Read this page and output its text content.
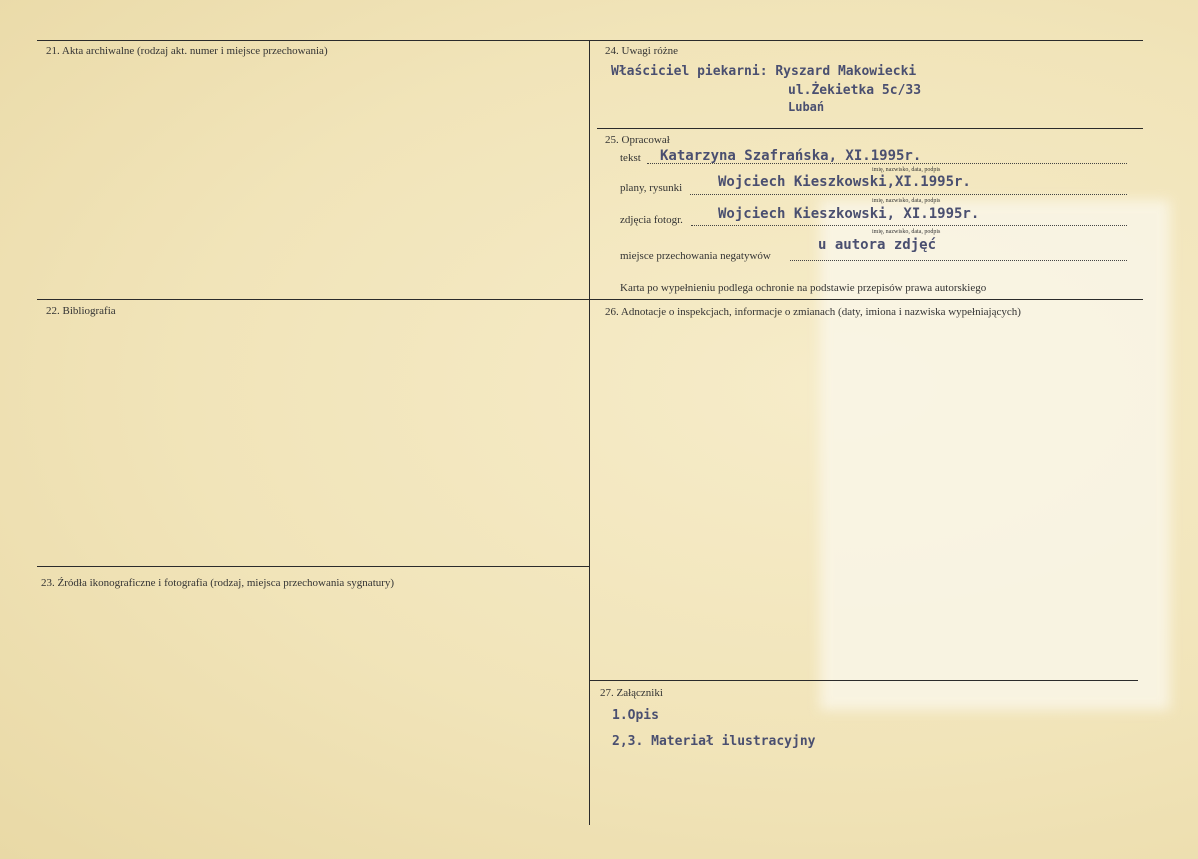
21. Akta archiwalne (rodzaj akt. numer i miejsce przechowania)
22. Bibliografia
23. Źródła ikonograficzne i fotografia (rodzaj, miejsca przechowania sygnatury)
24. Uwagi różne
25. Opracował
26. Adnotacje o inspekcjach, informacje o zmianach (daty, imiona i nazwiska wypełniających)
27. Załączniki
Właściciel piekarni: Ryszard Makowiecki
ul.Żekietka 5c/33
Lubań
tekst Katarzyna Szafrańska, XI.1995r.
imię, nazwisko, data, podpis
plany, rysunki	Wojciech Kieszkowski,XI.1995r.
imię, nazwisko, data, podpis
zdjęcia fotogr.	Wojciech Kieszkowski, XI.1995r.
imię, nazwisko, data, podpis
miejsce przechowania negatywów
u autora zdjęć
Karta po wypełnieniu podlega ochronie na podstawie przepisów prawa autorskiego
1.Opis
2,3. Materiał ilustracyjny
